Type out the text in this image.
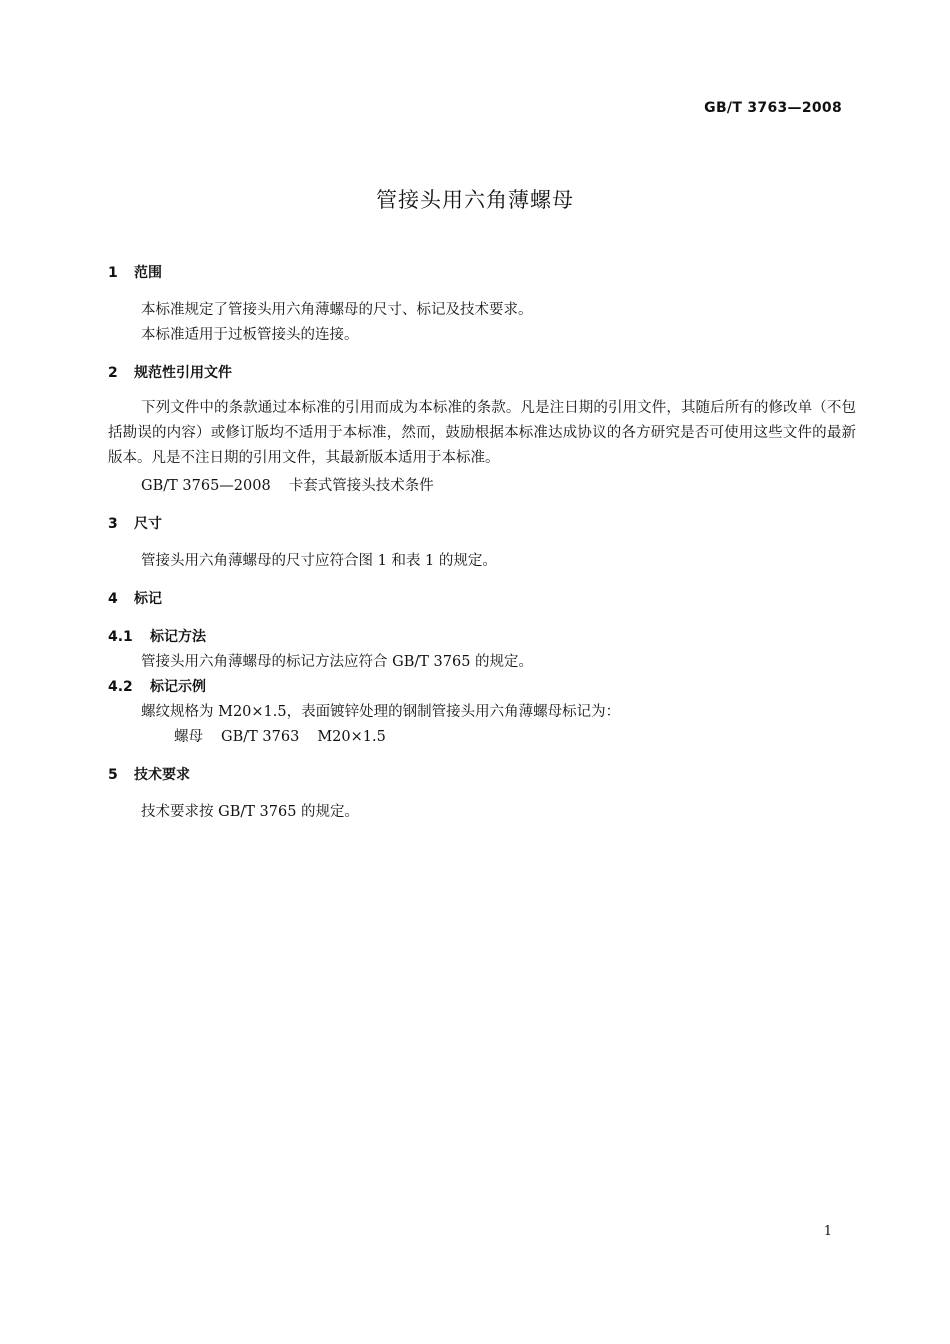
GB/T 3763—2008
管接头用六角薄螺母
1 范围
本标准规定了管接头用六角薄螺母的尺寸、标记及技术要求。
本标准适用于过板管接头的连接。
2 规范性引用文件
下列文件中的条款通过本标准的引用而成为本标准的条款。凡是注日期的引用文件，其随后所有的修改单（不包括勘误的内容）或修订版均不适用于本标准，然而，鼓励根据本标准达成协议的各方研究是否可使用这些文件的最新版本。凡是不注日期的引用文件，其最新版本适用于本标准。
GB/T 3765—2008 卡套式管接头技术条件
3 尺寸
管接头用六角薄螺母的尺寸应符合图 1 和表 1 的规定。
4 标记
4.1 标记方法
管接头用六角薄螺母的标记方法应符合 GB/T 3765 的规定。
4.2 标记示例
螺纹规格为 M20×1.5，表面镀锌处理的钢制管接头用六角薄螺母标记为：
螺母 GB/T 3763 M20×1.5
5 技术要求
技术要求按 GB/T 3765 的规定。
1
